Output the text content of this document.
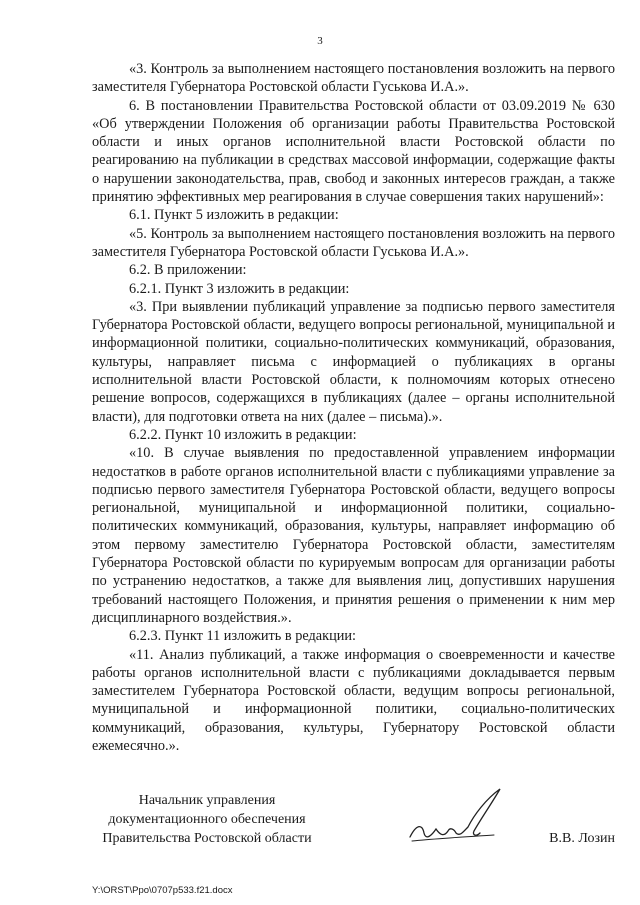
3

«3. Контроль за выполнением настоящего постановления возложить на первого заместителя Губернатора Ростовской области Гуськова И.А.».

6. В постановлении Правительства Ростовской области от 03.09.2019 № 630 «Об утверждении Положения об организации работы Правительства Ростовской области и иных органов исполнительной власти Ростовской области по реагированию на публикации в средствах массовой информации, содержащие факты о нарушении законодательства, прав, свобод и законных интересов граждан, а также принятию эффективных мер реагирования в случае совершения таких нарушений»:

6.1. Пункт 5 изложить в редакции:

«5. Контроль за выполнением настоящего постановления возложить на первого заместителя Губернатора Ростовской области Гуськова И.А.».

6.2. В приложении:

6.2.1. Пункт 3 изложить в редакции:

«3. При выявлении публикаций управление за подписью первого заместителя Губернатора Ростовской области, ведущего вопросы региональной, муниципальной и информационной политики, социально-политических коммуникаций, образования, культуры, направляет письма с информацией о публикациях в органы исполнительной власти Ростовской области, к полномочиям которых отнесено решение вопросов, содержащихся в публикациях (далее – органы исполнительной власти), для подготовки ответа на них (далее – письма).».

6.2.2. Пункт 10 изложить в редакции:

«10. В случае выявления по предоставленной управлением информации недостатков в работе органов исполнительной власти с публикациями управление за подписью первого заместителя Губернатора Ростовской области, ведущего вопросы региональной, муниципальной и информационной политики, социально-политических коммуникаций, образования, культуры, направляет информацию об этом первому заместителю Губернатора Ростовской области, заместителям Губернатора Ростовской области по курируемым вопросам для организации работы по устранению недостатков, а также для выявления лиц, допустивших нарушения требований настоящего Положения, и принятия решения о применении к ним мер дисциплинарного воздействия.».

6.2.3. Пункт 11 изложить в редакции:

«11. Анализ публикаций, а также информация о своевременности и качестве работы органов исполнительной власти с публикациями докладывается первым заместителем Губернатора Ростовской области, ведущим вопросы региональной, муниципальной и информационной политики, социально-политических коммуникаций, образования, культуры, Губернатору Ростовской области ежемесячно.».

Начальник управления
документационного обеспечения
Правительства Ростовской области	В.В. Лозин
Y:\ORST\Ppo\0707p533.f21.docx
